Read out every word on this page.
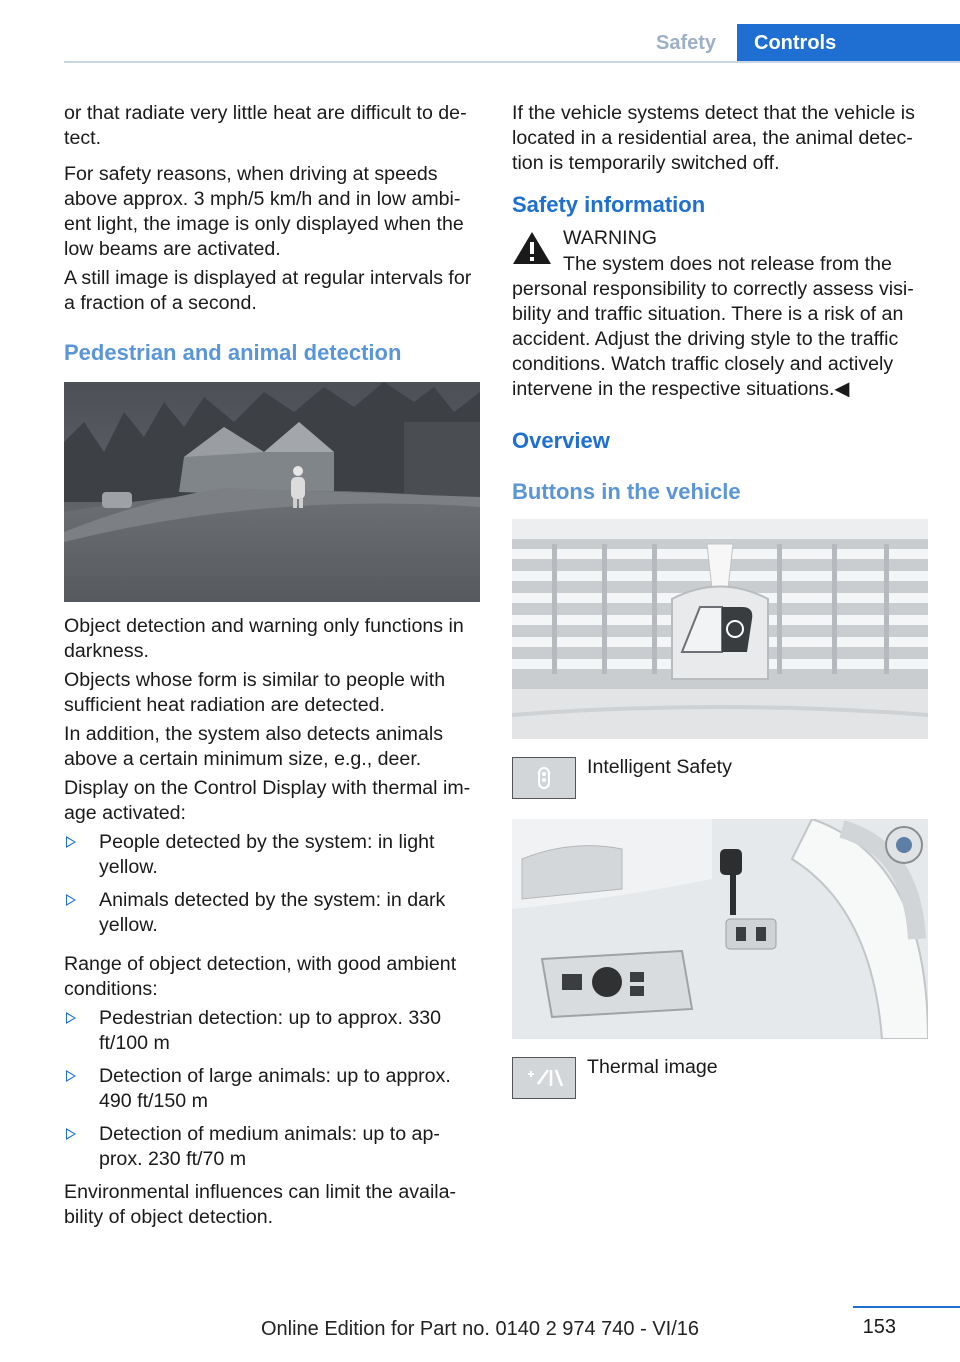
Safety	Controls

or that radiate very little heat are difficult to de-tect.

For safety reasons, when driving at speeds above approx. 3 mph/5 km/h and in low ambi-ent light, the image is only displayed when the low beams are activated.

A still image is displayed at regular intervals for a fraction of a second.

Pedestrian and animal detection

Object detection and warning only functions in darkness.

Objects whose form is similar to people with sufficient heat radiation are detected.

In addition, the system also detects animals above a certain minimum size, e.g., deer.

Display on the Control Display with thermal im-age activated:

People detected by the system: in light yellow.
Animals detected by the system: in dark yellow.

Range of object detection, with good ambient conditions:

Pedestrian detection: up to approx. 330 ft/100 m
Detection of large animals: up to approx. 490 ft/150 m
Detection of medium animals: up to ap-prox. 230 ft/70 m

Environmental influences can limit the availa-bility of object detection.

If the vehicle systems detect that the vehicle is located in a residential area, the animal detec-tion is temporarily switched off.

Safety information
WARNING
The system does not release from the personal responsibility to correctly assess visi-bility and traffic situation. There is a risk of an accident. Adjust the driving style to the traffic conditions. Watch traffic closely and actively intervene in the respective situations.◀
Overview
Buttons in the vehicle
Intelligent Safety
Thermal image
153
Online Edition for Part no. 0140 2 974 740 - VI/16
